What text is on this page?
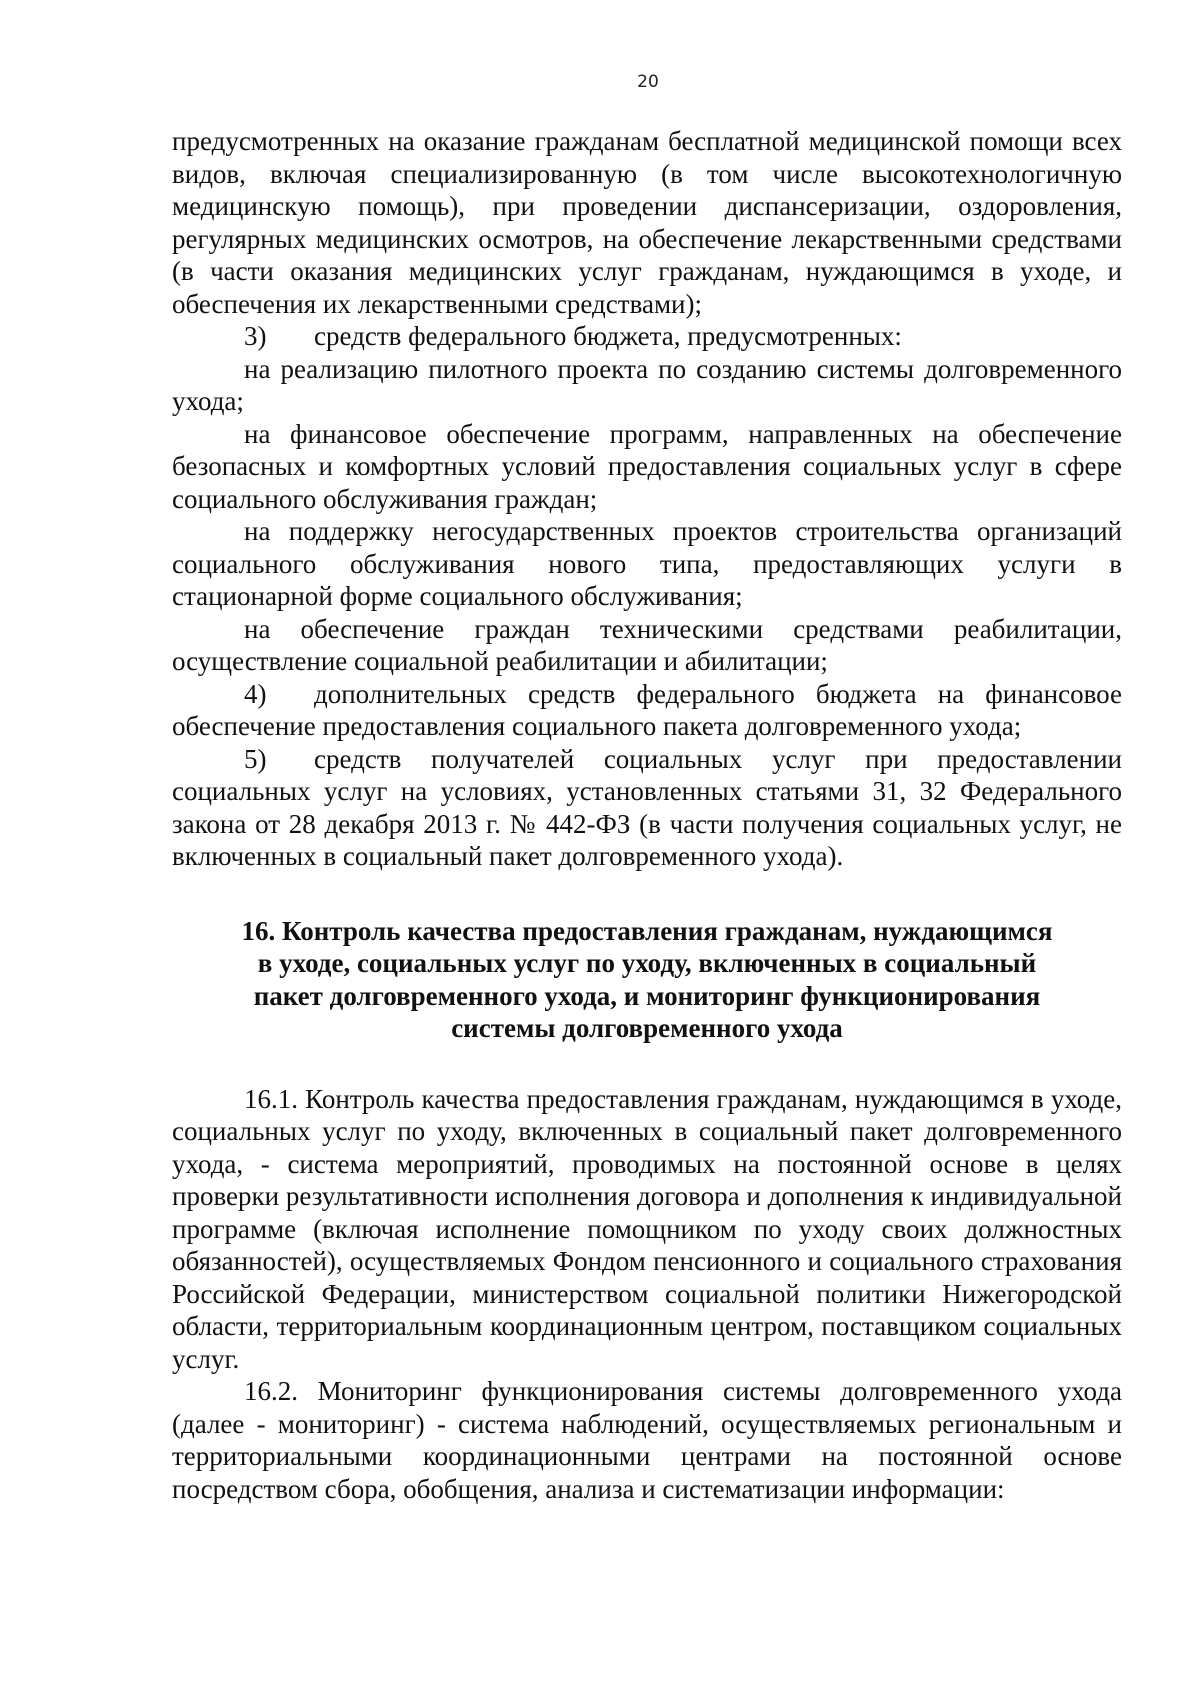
20

предусмотренных на оказание гражданам бесплатной медицинской помощи всех видов, включая специализированную (в том числе высокотехнологичную медицинскую помощь), при проведении диспансеризации, оздоровления, регулярных медицинских осмотров, на обеспечение лекарственными средствами (в части оказания медицинских услуг гражданам, нуждающимся в уходе, и обеспечения их лекарственными средствами);

3) средств федерального бюджета, предусмотренных:

на реализацию пилотного проекта по созданию системы долговременного ухода;

на финансовое обеспечение программ, направленных на обеспечение безопасных и комфортных условий предоставления социальных услуг в сфере социального обслуживания граждан;

на поддержку негосударственных проектов строительства организаций социального обслуживания нового типа, предоставляющих услуги в стационарной форме социального обслуживания;

на обеспечение граждан техническими средствами реабилитации, осуществление социальной реабилитации и абилитации;

4) дополнительных средств федерального бюджета на финансовое обеспечение предоставления социального пакета долговременного ухода;

5) средств получателей социальных услуг при предоставлении социальных услуг на условиях, установленных статьями 31, 32 Федерального закона от 28 декабря 2013 г. № 442-ФЗ (в части получения социальных услуг, не включенных в социальный пакет долговременного ухода).

16. Контроль качества предоставления гражданам, нуждающимся
в уходе, социальных услуг по уходу, включенных в социальный
пакет долговременного ухода, и мониторинг функционирования
системы долговременного ухода

16.1. Контроль качества предоставления гражданам, нуждающимся в уходе, социальных услуг по уходу, включенных в социальный пакет долговременного ухода, - система мероприятий, проводимых на постоянной основе в целях проверки результативности исполнения договора и дополнения к индивидуальной программе (включая исполнение помощником по уходу своих должностных обязанностей), осуществляемых Фондом пенсионного и социального страхования Российской Федерации, министерством социальной политики Нижегородской области, территориальным координационным центром, поставщиком социальных услуг.

16.2. Мониторинг функционирования системы долговременного ухода (далее - мониторинг) - система наблюдений, осуществляемых региональным и территориальными координационными центрами на постоянной основе посредством сбора, обобщения, анализа и систематизации информации:
